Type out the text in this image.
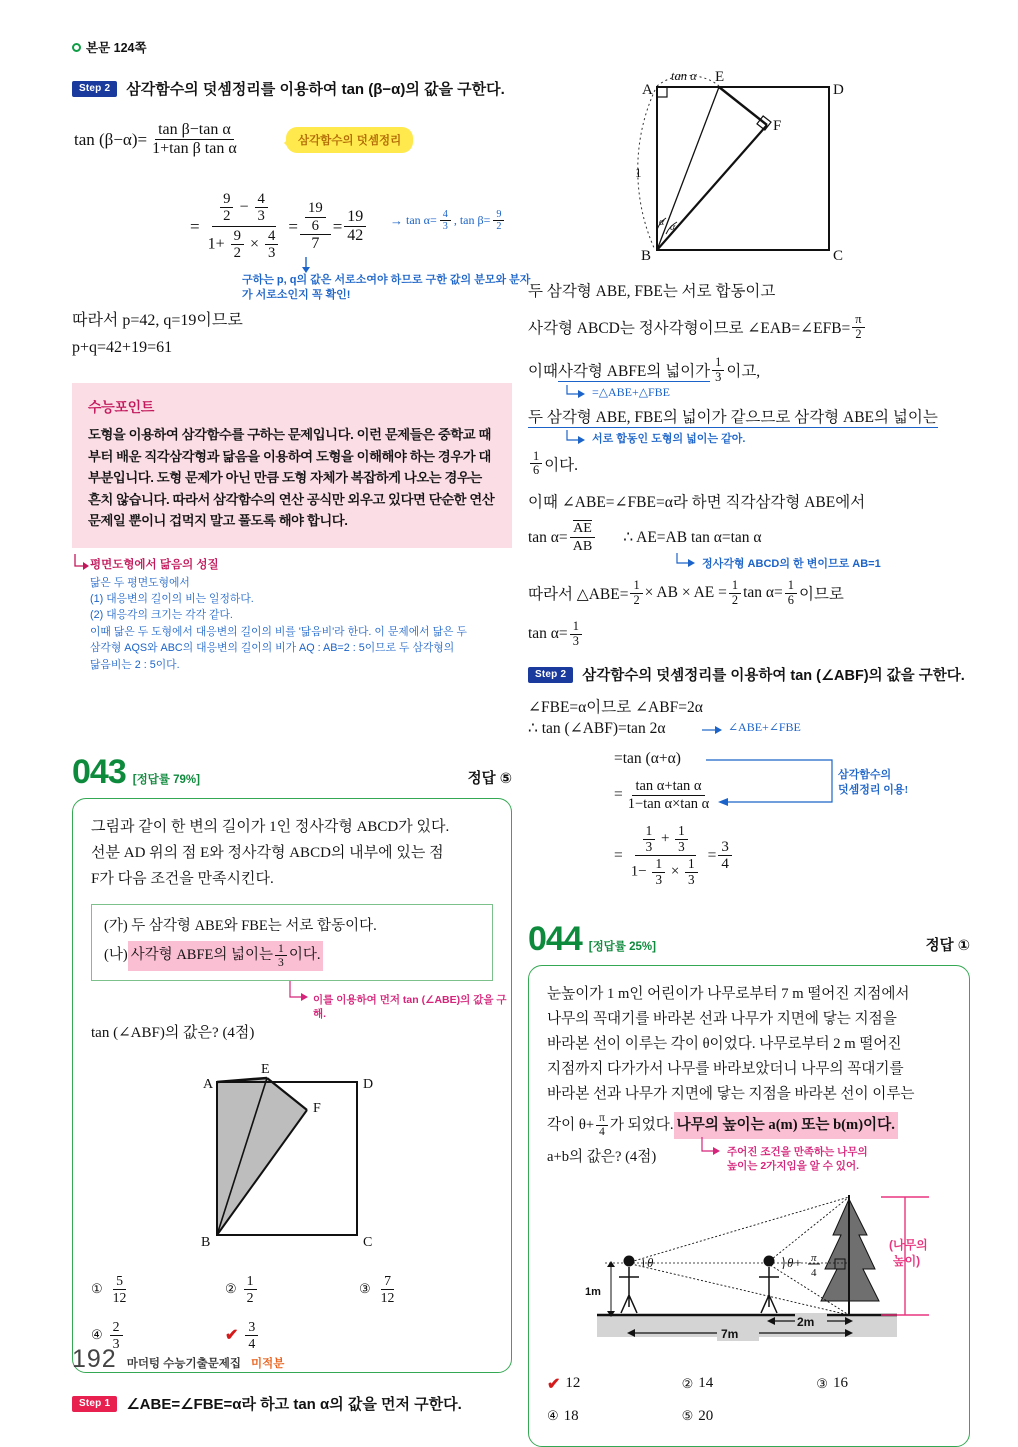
본문 124쪽
Step 2	삼각함수의 덧셈정리를 이용하여 tan (β−α)의 값을 구한다.
$\tan (\beta-\alpha)= \frac{\text{tan β−tan α}}{\text{1+tan β tan α}}$	삼각함수의 덧셈정리
= $\frac{\frac{9}{2} - \frac{4}{3}}{1+ \frac{9}{2} \times \frac{4}{3}} = \frac{\frac{19}{6}}{7} = \frac{19}{42} \to \tan \alpha= \frac{4}{3}$ , $\tan \beta= \frac{9}{2}$
구하는 p, q의 값은 서로소여야 하므로 구한 값의 분모와 분자가 서로소인지 꼭 확인!
따라서 p=42, q=19이므로
p+q=42+19=61
수능포인트
도형을 이용하여 삼각함수를 구하는 문제입니다. 이런 문제들은 중학교 때부터 배운 직각삼각형과 닮음을 이용하여 도형을 이해해야 하는 경우가 대부분입니다. 도형 문제가 아닌 만큼 도형 자체가 복잡하게 나오는 경우는 흔치 않습니다. 따라서 삼각함수의 연산 공식만 외우고 있다면 단순한 연산 문제일 뿐이니 겁먹지 말고 풀도록 해야 합니다.
평면도형에서 닮음의 성질
닮은 두 평면도형에서
(1) 대응변의 길이의 비는 일정하다.
(2) 대응각의 크기는 각각 같다.
이때 닮은 두 도형에서 대응변의 길이의 비를 '닮음비'라 한다. 이 문제에서 닮은 두
삼각형 AQS와 ABC의 대응변의 길이의 비가 AQ : AB=2 : 5이므로 두 삼각형의
닮음비는 2 : 5이다.
043 [정답률 79%]	정답 ⑤
그림과 같이 한 변의 길이가 1인 정사각형 ABCD가 있다.
선분 AD 위의 점 E와 정사각형 ABCD의 내부에 있는 점
F가 다음 조건을 만족시킨다.
(가) 두 삼각형 ABE와 FBE는 서로 합동이다.
(나) 사각형 ABFE의 넓이는 $\frac{1}{3}$ 이다.
이를 이용하여 먼저 tan (∠ABE)의 값을 구해.
tan (∠ABF)의 값은? (4점)
A
B	C
D
E
F
① $\frac{5}{12}$	② $\frac{1}{2}$	③ $\frac{7}{12}$
④ $\frac{2}{3}$	✔ $\frac{3}{4}$
Step 1	∠ABE=∠FBE=α라 하고 tan α의 값을 먼저 구한다.
A
B	C
D
E
F
tan α
1
α α
두 삼각형 ABE, FBE는 서로 합동이고
사각형 ABCD는 정사각형이므로 ∠EAB=∠EFB= $\frac{\pi}{2}$
이때 사각형 ABFE의 넓이가 $\frac{1}{3}$ 이고,
=△ABE+△FBE
두 삼각형 ABE, FBE의 넓이가 같으므로 삼각형 ABE의 넓이는
서로 합동인 도형의 넓이는 같아.
$\frac{1}{6}$ 이다.
이때 ∠ABE=∠FBE=α라 하면 직각삼각형 ABE에서
$\tan \alpha= \frac{AE}{AB}$ ∴ AE=AB tan α=tan α
정사각형 ABCD의 한 변이므로 AB=1
따라서 △ABE= $\frac{1}{2}$ × AB × AE = $\frac{1}{2}$ $\tan \alpha= \frac{1}{6}$ 이므로
$\tan \alpha= \frac{1}{3}$
Step 2	삼각함수의 덧셈정리를 이용하여 tan (∠ABF)의 값을 구한다.
∠FBE=α이므로 ∠ABF=2α
∴ tan (∠ABF)=tan 2α	∠ABE+∠FBE
=tan (α+α)
삼각함수의
덧셈정리 이용!
= $\frac{\text{tan α+tan α}}{\text{1−tan α×tan α}}$
= $\frac{\frac{1}{3} + \frac{1}{3}}{1- \frac{1}{3} \times \frac{1}{3}} = \frac{3}{4}$
044 [정답률 25%]	정답 ①
눈높이가 1 m인 어린이가 나무로부터 7 m 떨어진 지점에서
나무의 꼭대기를 바라본 선과 나무가 지면에 닿는 지점을
바라본 선이 이루는 각이 θ이었다. 나무로부터 2 m 떨어진
지점까지 다가가서 나무를 바라보았더니 나무의 꼭대기를
바라본 선과 나무가 지면에 닿는 지점을 바라본 선이 이루는
각이 $\theta+ \frac{\pi}{4}$ 가 되었다. 나무의 높이는 a(m) 또는 b(m)이다.
주어진 조건을 만족하는 나무의
높이는 2가지임을 알 수 있어.
a+b의 값은? (4점)
1m
θ	θ+ π
4
7m
2m
(나무의
높이)
✔ 12	② 14	③ 16
④ 18	⑤ 20
192 마더텅 수능기출문제집 미적분
